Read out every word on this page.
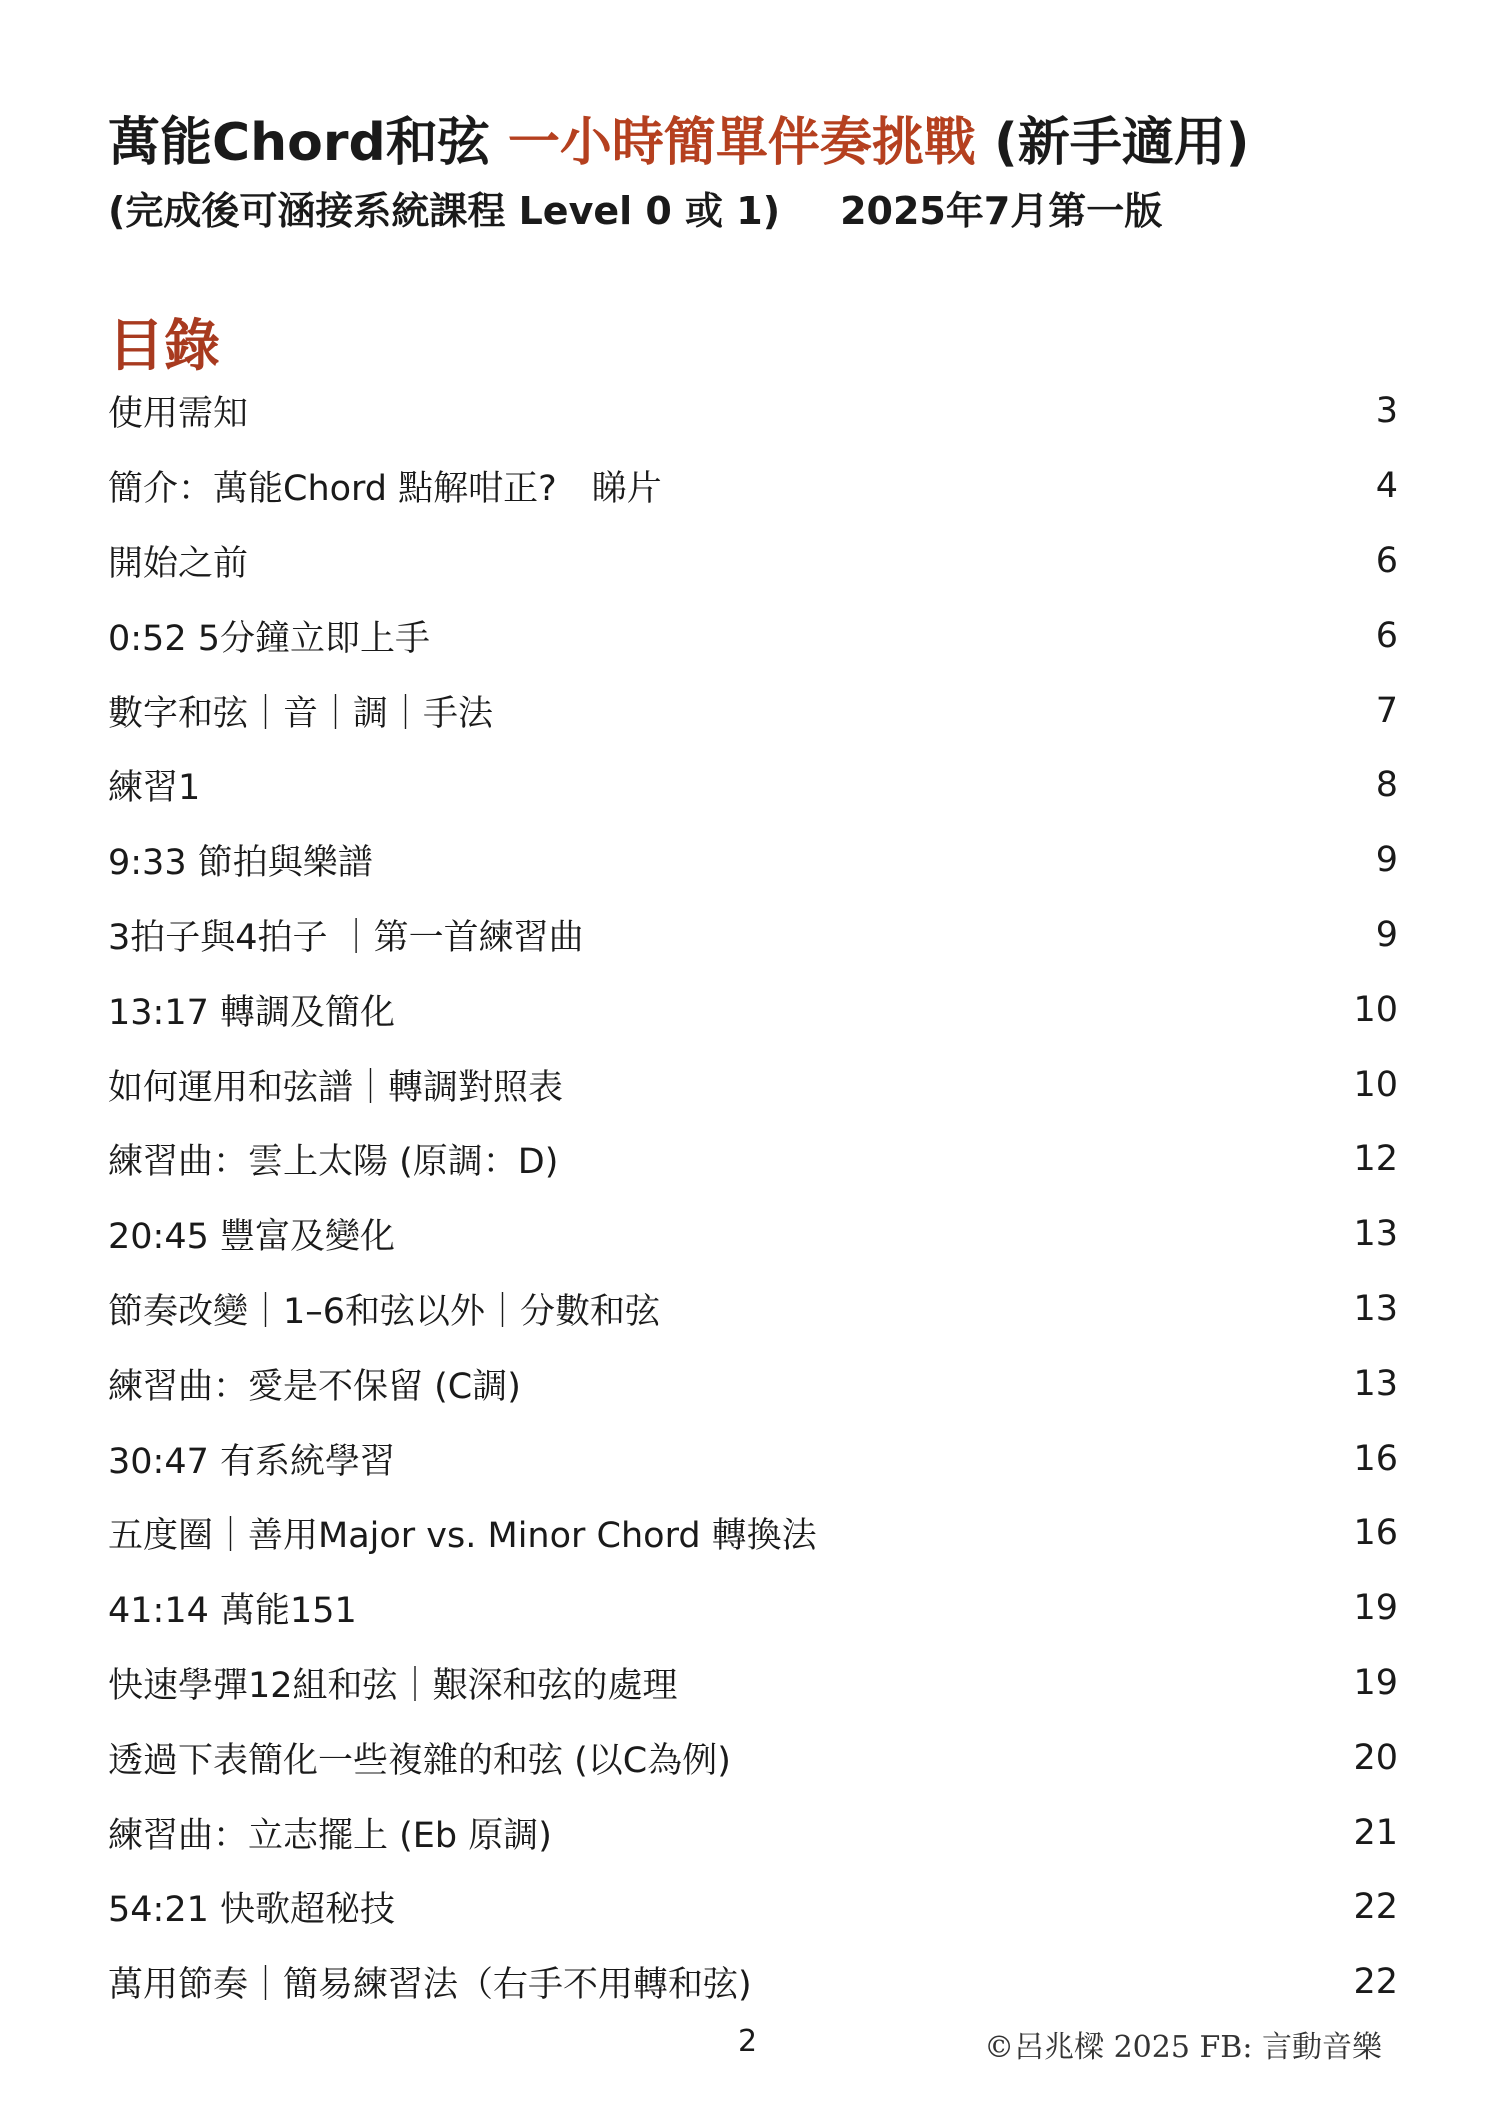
萬能Chord和弦 一小時簡單伴奏挑戰 (新手適用)
(完成後可涵接系統課程 Level 0 或 1) 2025年7月第一版
目錄
使用需知	3
簡介：萬能Chord 點解咁正?　睇片	4
開始之前	6
0:52 5分鐘立即上手	6
數字和弦｜音｜調｜手法	7
練習1	8
9:33 節拍與樂譜	9
3拍子與4拍子 ｜第一首練習曲	9
13:17 轉調及簡化	10
如何運用和弦譜｜轉調對照表	10
練習曲：雲上太陽 (原調：D)	12
20:45 豐富及變化	13
節奏改變｜1–6和弦以外｜分數和弦	13
練習曲：愛是不保留 (C調)	13
30:47 有系統學習	16
五度圈｜善用Major vs. Minor Chord 轉換法	16
41:14 萬能151	19
快速學彈12組和弦｜艱深和弦的處理	19
透過下表簡化一些複雜的和弦 (以C為例)	20
練習曲：立志擺上 (Eb 原調)	21
54:21 快歌超秘技	22
萬用節奏｜簡易練習法（右手不用轉和弦)	22
2	©呂兆樑 2025 FB: 言動音樂
